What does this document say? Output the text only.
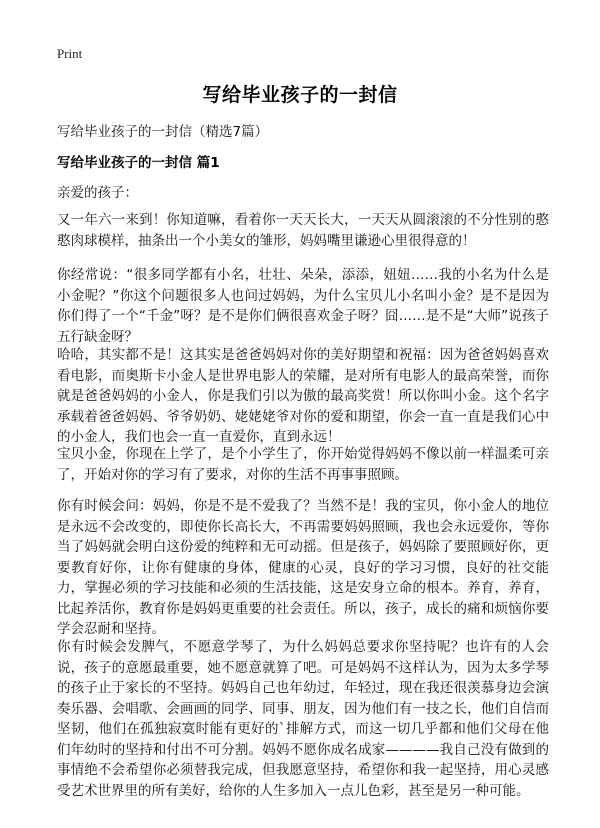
Print
写给毕业孩子的一封信
写给毕业孩子的一封信（精选7篇）
写给毕业孩子的一封信 篇1
亲爱的孩子：
又一年六一来到！你知道嘛，看着你一天天长大，一天天从圆滚滚的不分性别的憨憨肉球模样，抽条出一个小美女的雏形，妈妈嘴里谦逊心里很得意的！
你经常说：“很多同学都有小名，壮壮、朵朵，添添，妞妞……我的小名为什么是小金呢？”你这个问题很多人也问过妈妈，为什么宝贝儿小名叫小金？是不是因为你们得了一个“千金”呀？是不是你们俩很喜欢金子呀？囧……是不是“大师”说孩子五行缺金呀？
哈哈，其实都不是！这其实是爸爸妈妈对你的美好期望和祝福：因为爸爸妈妈喜欢看电影，而奥斯卡小金人是世界电影人的荣耀，是对所有电影人的最高荣誉，而你就是爸爸妈妈的小金人，你是我们引以为傲的最高奖赏！所以你叫小金。这个名字承载着爸爸妈妈、爷爷奶奶、姥姥姥爷对你的爱和期望，你会一直一直是我们心中的小金人，我们也会一直一直爱你，直到永远！
宝贝小金，你现在上学了，是个小学生了，你开始觉得妈妈不像以前一样温柔可亲了，开始对你的学习有了要求，对你的生活不再事事照顾。
你有时候会问：妈妈，你是不是不爱我了？当然不是！我的宝贝，你小金人的地位是永远不会改变的，即使你长高长大，不再需要妈妈照顾，我也会永远爱你，等你当了妈妈就会明白这份爱的纯粹和无可动摇。但是孩子，妈妈除了要照顾好你，更要教育好你，让你有健康的身体，健康的心灵，良好的学习习惯，良好的社交能力，掌握必须的学习技能和必须的生活技能，这是安身立命的根本。养育，养育，比起养活你，教育你是妈妈更重要的社会责任。所以，孩子，成长的痛和烦恼你要学会忍耐和坚持。
你有时候会发脾气，不愿意学琴了，为什么妈妈总要求你坚持呢？也许有的人会说，孩子的意愿最重要，她不愿意就算了吧。可是妈妈不这样认为，因为太多学琴的孩子止于家长的不坚持。妈妈自己也年幼过，年轻过，现在我还很羡慕身边会演奏乐器、会唱歌、会画画的同学、同事、朋友，因为他们有一技之长，他们自信而坚韧，他们在孤独寂寞时能有更好的`排解方式，而这一切几乎都和他们父母在他们年幼时的坚持和付出不可分割。妈妈不愿你成名成家————我自己没有做到的事情绝不会希望你必须替我完成，但我愿意坚持，希望你和我一起坚持，用心灵感受艺术世界里的所有美好，给你的人生多加入一点儿色彩，甚至是另一种可能。
